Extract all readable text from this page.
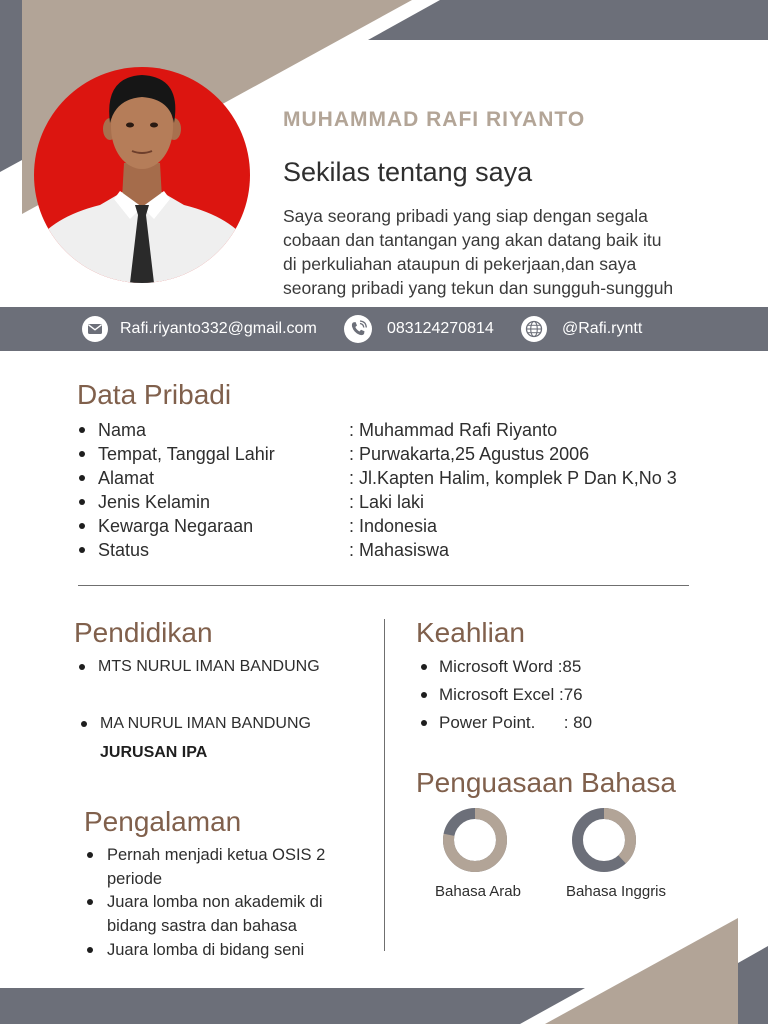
MUHAMMAD RAFI RIYANTO
Sekilas tentang saya
Saya seorang pribadi yang siap dengan segala
cobaan dan tantangan yang akan datang baik itu
di perkuliahan ataupun di pekerjaan,dan saya
seorang pribadi yang tekun dan sungguh-sungguh
Rafi.riyanto332@gmail.com	083124270814	@Rafi.ryntt
Data Pribadi
Nama	: Muhammad Rafi Riyanto
Tempat, Tanggal Lahir	: Purwakarta,25 Agustus 2006
Alamat	: Jl.Kapten Halim, komplek P Dan K,No 3
Jenis Kelamin	: Laki laki
Kewarga Negaraan	: Indonesia
Status	: Mahasiswa
Pendidikan
MTS NURUL IMAN BANDUNG
MA NURUL IMAN BANDUNG
JURUSAN IPA
Pengalaman
Pernah menjadi ketua OSIS 2
periode
Juara lomba non akademik di
bidang sastra dan bahasa
Juara lomba di bidang seni
Keahlian
Microsoft Word :85
Microsoft Excel :76
Power Point.      : 80
Penguasaan Bahasa
Bahasa Arab	Bahasa Inggris
